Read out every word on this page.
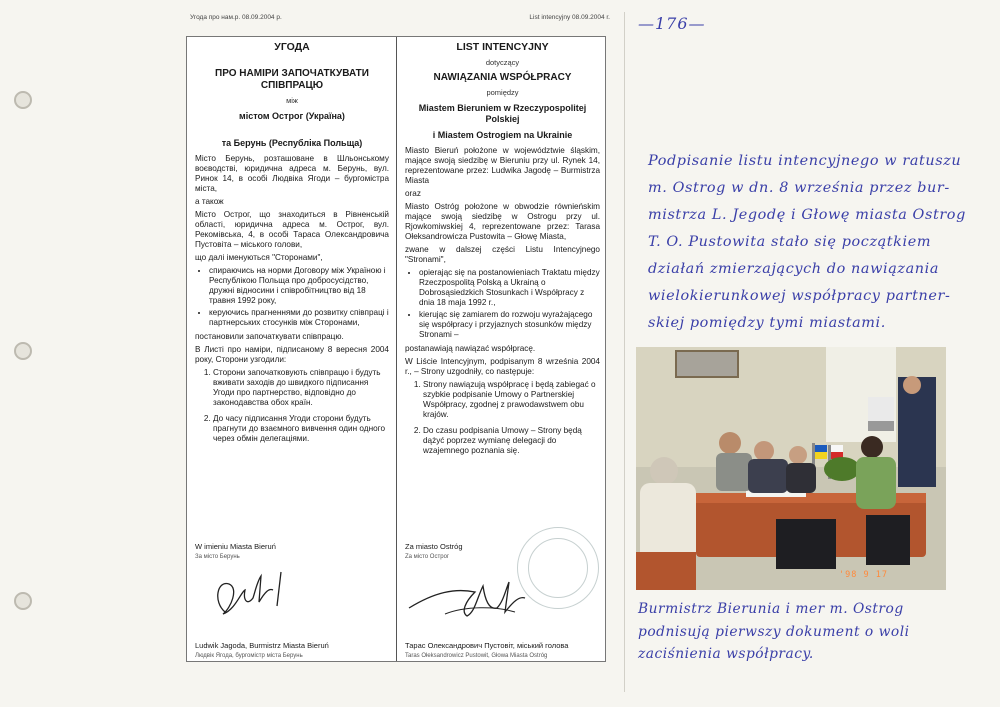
Угода про нам.р. 08.09.2004 р.	List intencyjny 08.09.2004 r.
УГОДА
ПРО НАМІРИ ЗАПОЧАТКУВАТИ СПІВПРАЦЮ
між
містом Острог (Україна)
та Берунь (Республіка Польща)
Місто Берунь, розташоване в Шльонському воєводстві, юридична адреса м. Берунь, вул. Ринок 14, в особі Людвіка Ягоди – бургомістра міста,
а також
Місто Острог, що знаходиться в Рівненській області, юридична адреса м. Острог, вул. Рекомівська, 4, в особі Тараса Олександровича Пустовіта – міського голови,
що далі іменуються "Сторонами",
• спираючись на норми Договору між Україною і Республікою Польща про добросусідство, дружні відносини і співробітництво від 18 травня 1992 року,
• керуючись прагненнями до розвитку співпраці і партнерських стосунків між Сторонами,
постановили започаткувати співпрацю.
В Листі про наміри, підписаному 8 вересня 2004 року, Сторони узгодили:
1. Сторони започатковують співпрацю і будуть вживати заходів до швидкого підписання Угоди про партнерство, відповідно до законодавства обох країн.
2. До часу підписання Угоди сторони будуть прагнути до взаємного вивчення один одного через обмін делегаціями.
W imieniu Miasta Bieruń
За місто Берунь
Ludwik Jagoda, Burmistrz Miasta Bieruń
Людвік Ягода, бургомістр міста Берунь
LIST INTENCYJNY
dotyczący
NAWIĄZANIA WSPÓŁPRACY
pomiędzy
Miastem Bieruniem w Rzeczypospolitej Polskiej
i Miastem Ostrogiem na Ukrainie
Miasto Bieruń położone w województwie śląskim, mające swoją siedzibę w Bieruniu przy ul. Rynek 14, reprezentowane przez: Ludwika Jagodę – Burmistrza Miasta
oraz
Miasto Ostróg położone w obwodzie równieńskim mające swoją siedzibę w Ostrogu przy ul. Rjowkomiwskiej 4, reprezentowane przez: Tarasa Ołeksandrowicza Pustowita – Głowę Miasta,
zwane w dalszej części Listu Intencyjnego "Stronami",
• opierając się na postanowieniach Traktatu między Rzeczpospolitą Polską a Ukrainą o Dobrosąsiedzkich Stosunkach i Współpracy z dnia 18 maja 1992 r.,
• kierując się zamiarem do rozwoju wyrażającego się współpracy i przyjaznych stosunków między Stronami –
postanawiają nawiązać współpracę.
W Liście Intencyjnym, podpisanym 8 września 2004 r., – Strony uzgodniły, co następuje:
1. Strony nawiązują współpracę i będą zabiegać o szybkie podpisanie Umowy o Partnerskiej Współpracy, zgodnej z prawodawstwem obu krajów.
2. Do czasu podpisania Umowy – Strony będą dążyć poprzez wymianę delegacji do wzajemnego poznania się.
Za miasto Ostróg
Za місто Острог
Тарас Олександрович Пустовіт, міський голова
Taras Ołeksandrowicz Pustowit, Głowa Miasta Ostróg
—176—
Podpisanie listu intencyjnego w ratuszu
m. Ostrog w dn. 8 września przez bur-
mistrza L. Jegodę i Głowę miasta Ostrog
T. O. Pustowita stało się początkiem
działań zmierzających do nawiązania
wielokierunkowej współpracy partner-
skiej pomiędzy tymi miastami.
'98 9 17
Burmistrz Bierunia i mer m. Ostrog
podnisują pierwszy dokument o woli
zaciśnienia współpracy.
